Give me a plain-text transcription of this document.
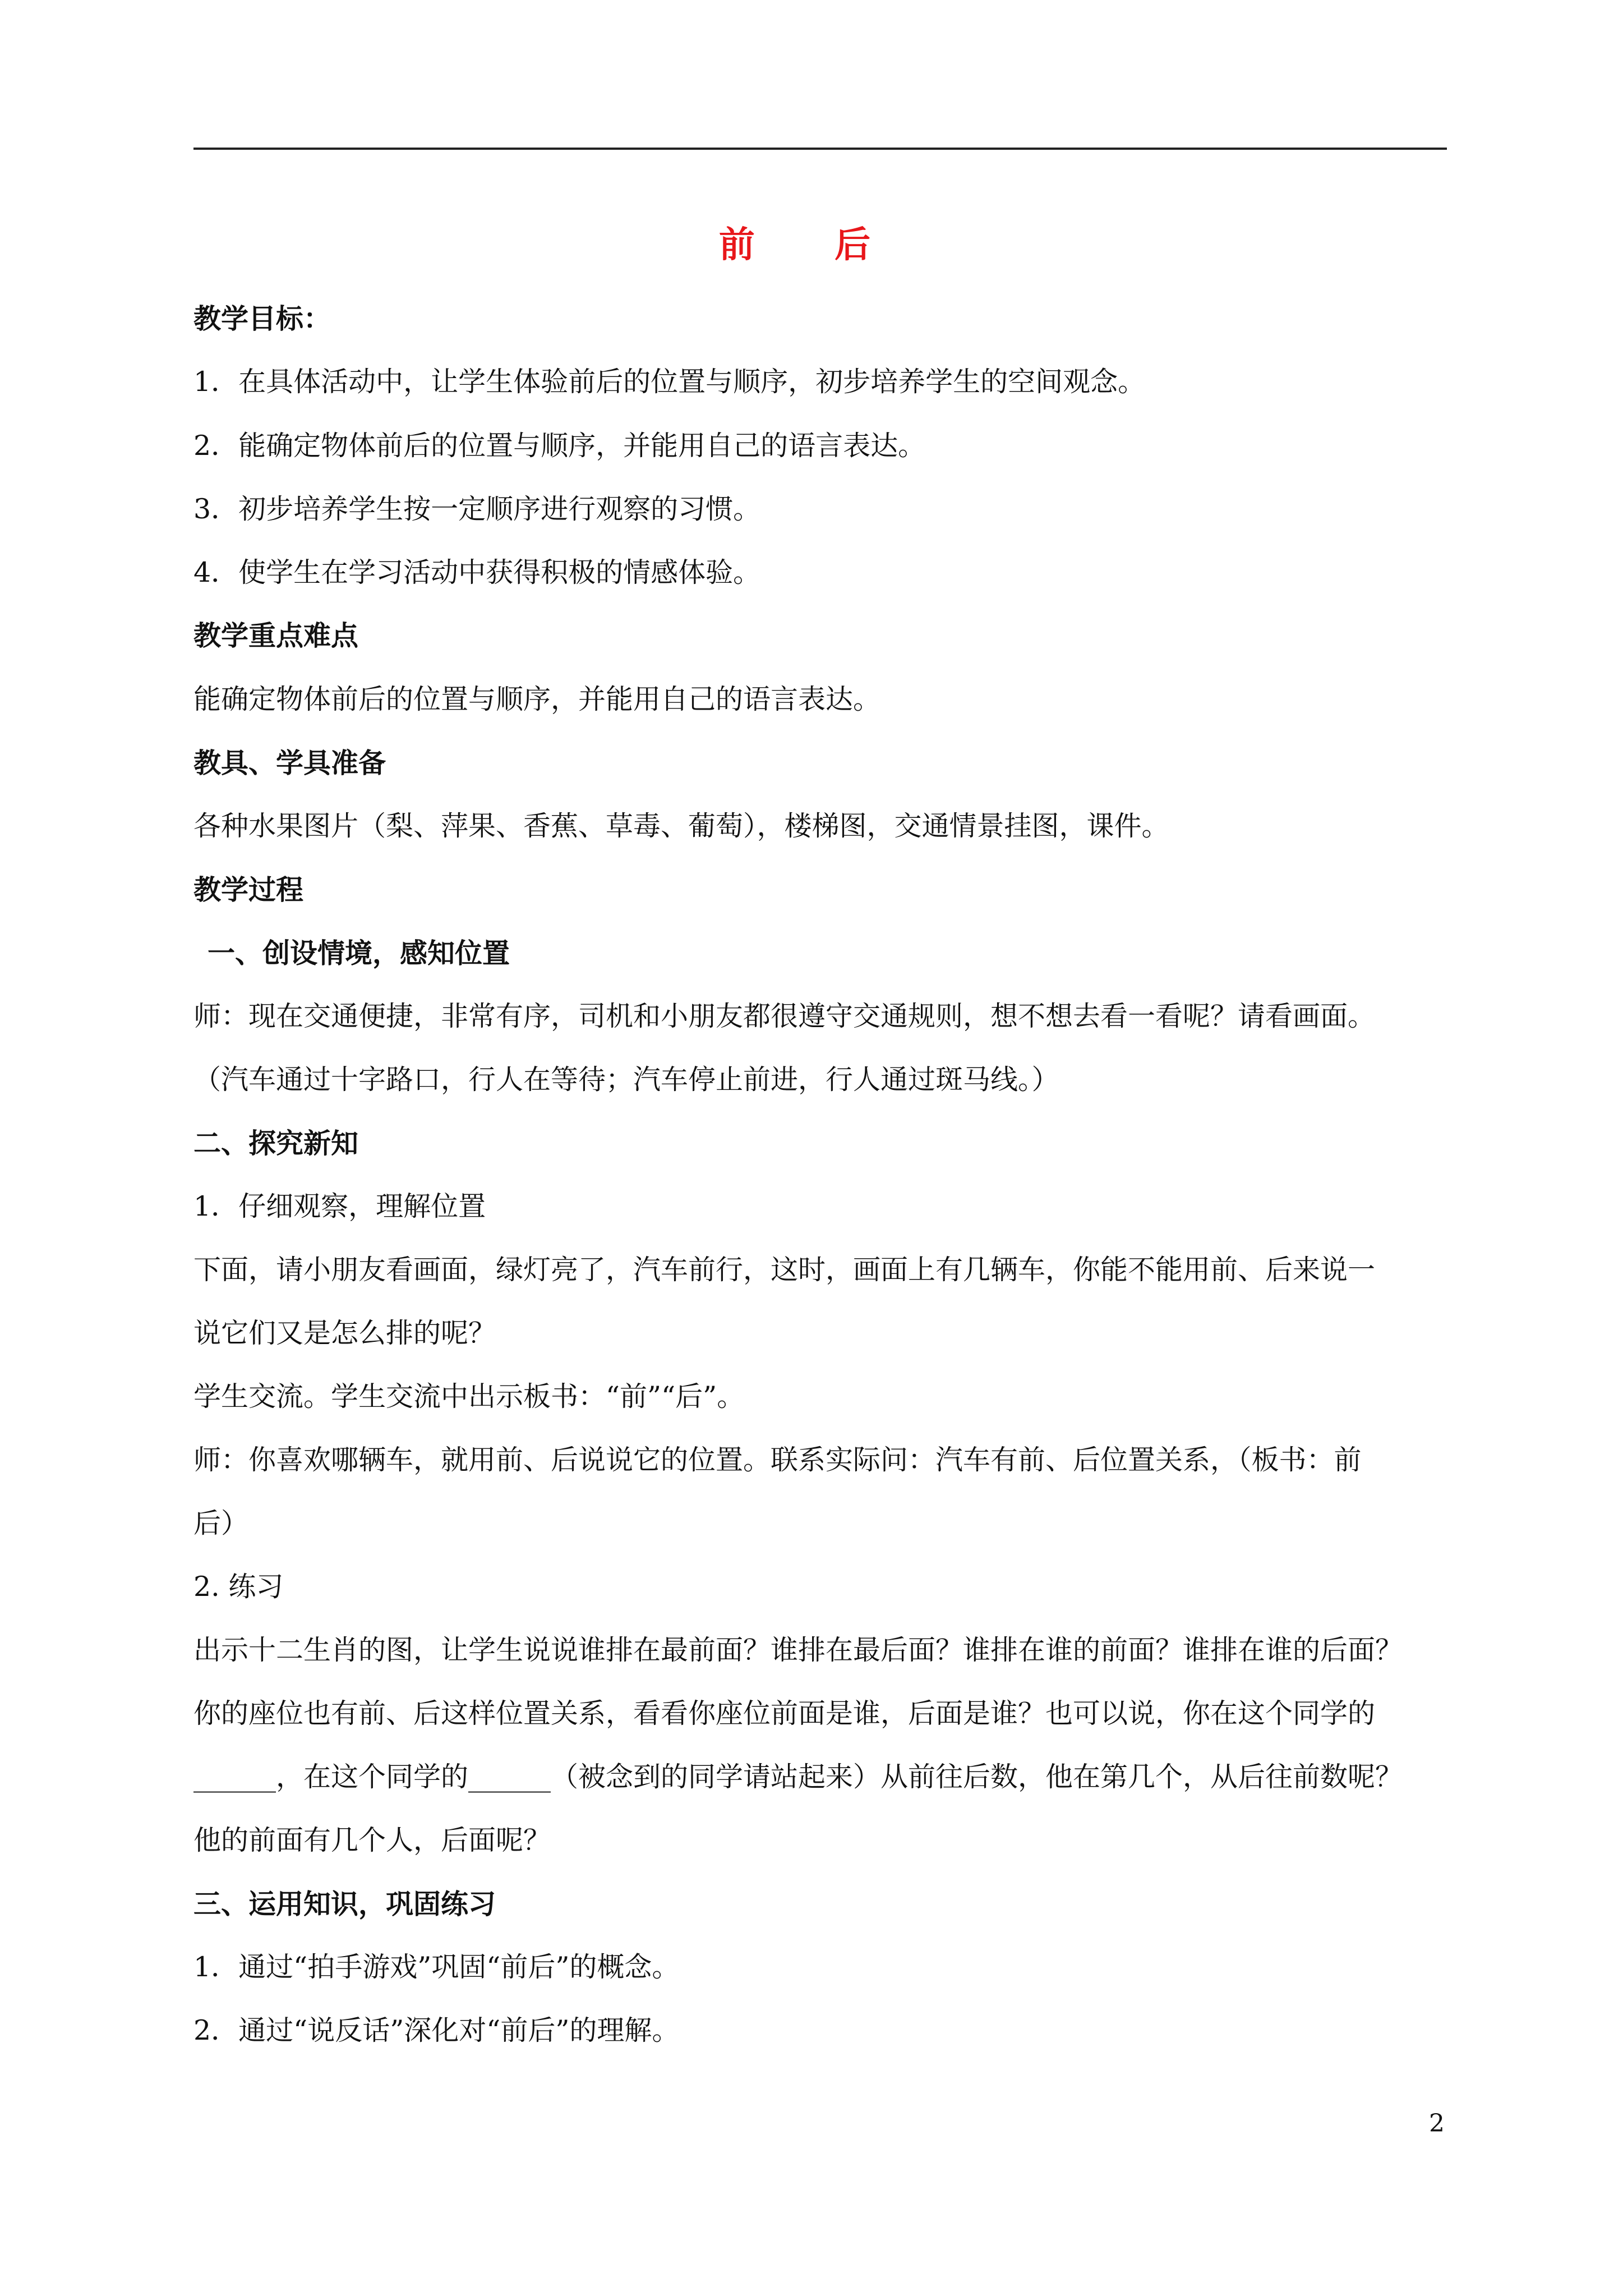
前 后
教学目标：
1．在具体活动中，让学生体验前后的位置与顺序，初步培养学生的空间观念。
2．能确定物体前后的位置与顺序，并能用自己的语言表达。
3．初步培养学生按一定顺序进行观察的习惯。
4．使学生在学习活动中获得积极的情感体验。
教学重点难点
能确定物体前后的位置与顺序，并能用自己的语言表达。
教具、学具准备
各种水果图片（梨、萍果、香蕉、草毒、葡萄），楼梯图，交通情景挂图，课件。
教学过程
一、创设情境，感知位置
师：现在交通便捷，非常有序，司机和小朋友都很遵守交通规则，想不想去看一看呢？请看画面。
（汽车通过十字路口，行人在等待；汽车停止前进，行人通过斑马线。）
二、探究新知
1．仔细观察，理解位置
下面，请小朋友看画面，绿灯亮了，汽车前行，这时，画面上有几辆车，你能不能用前、后来说一
说它们又是怎么排的呢？
学生交流。学生交流中出示板书：“前”“后”。
师：你喜欢哪辆车，就用前、后说说它的位置。联系实际问：汽车有前、后位置关系，（板书：前
后）
2. 练习
出示十二生肖的图，让学生说说谁排在最前面？谁排在最后面？谁排在谁的前面？谁排在谁的后面？
你的座位也有前、后这样位置关系，看看你座位前面是谁，后面是谁？也可以说，你在这个同学的
______，在这个同学的______（被念到的同学请站起来）从前往后数，他在第几个，从后往前数呢？
他的前面有几个人，后面呢？
三、运用知识，巩固练习
1．通过“拍手游戏”巩固“前后”的概念。
2．通过“说反话”深化对“前后”的理解。
2
